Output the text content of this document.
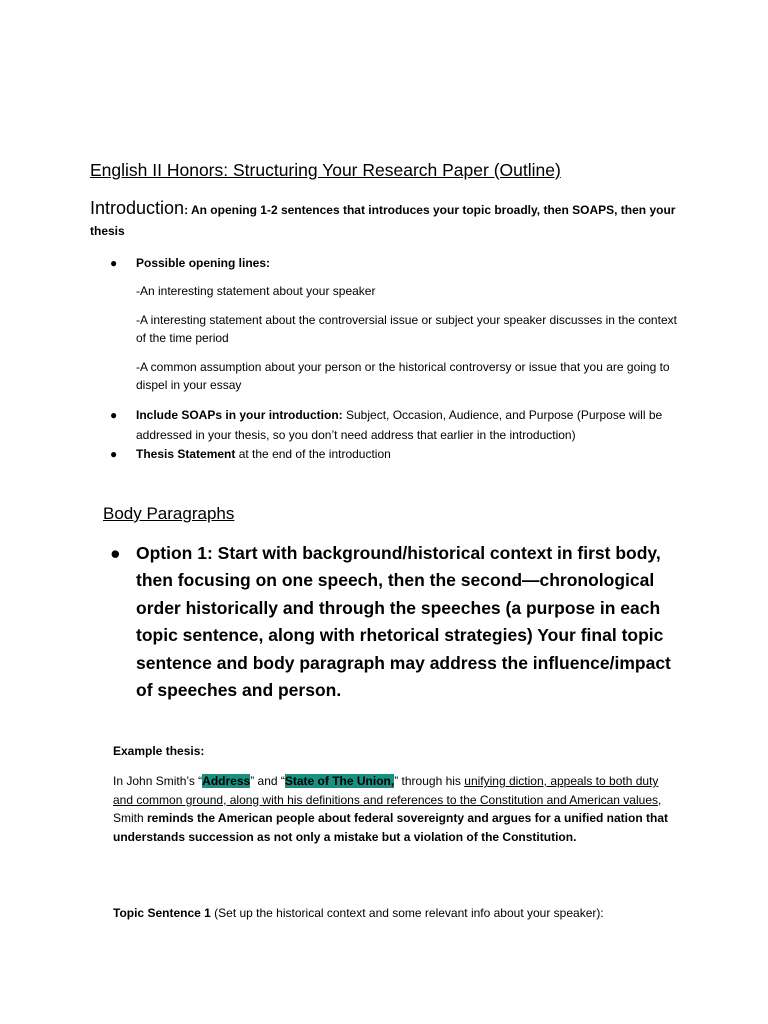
English II Honors: Structuring Your Research Paper (Outline)
Introduction: An opening 1-2 sentences that introduces your topic broadly, then SOAPS, then your thesis
● Possible opening lines:
-An interesting statement about your speaker
-A interesting statement about the controversial issue or subject your speaker discusses in the context of the time period
-A common assumption about your person or the historical controversy or issue that you are going to dispel in your essay
● Include SOAPs in your introduction: Subject, Occasion, Audience, and Purpose (Purpose will be addressed in your thesis, so you don’t need address that earlier in the introduction)
● Thesis Statement at the end of the introduction
Body Paragraphs
● Option 1: Start with background/historical context in first body, then focusing on one speech, then the second—chronological order historically and through the speeches (a purpose in each topic sentence, along with rhetorical strategies) Your final topic sentence and body paragraph may address the influence/impact of speeches and person.
Example thesis:
In John Smith’s “Address” and “State of The Union,” through his unifying diction, appeals to both duty and common ground, along with his definitions and references to the Constitution and American values, Smith reminds the American people about federal sovereignty and argues for a unified nation that understands succession as not only a mistake but a violation of the Constitution.
Topic Sentence 1 (Set up the historical context and some relevant info about your speaker):
